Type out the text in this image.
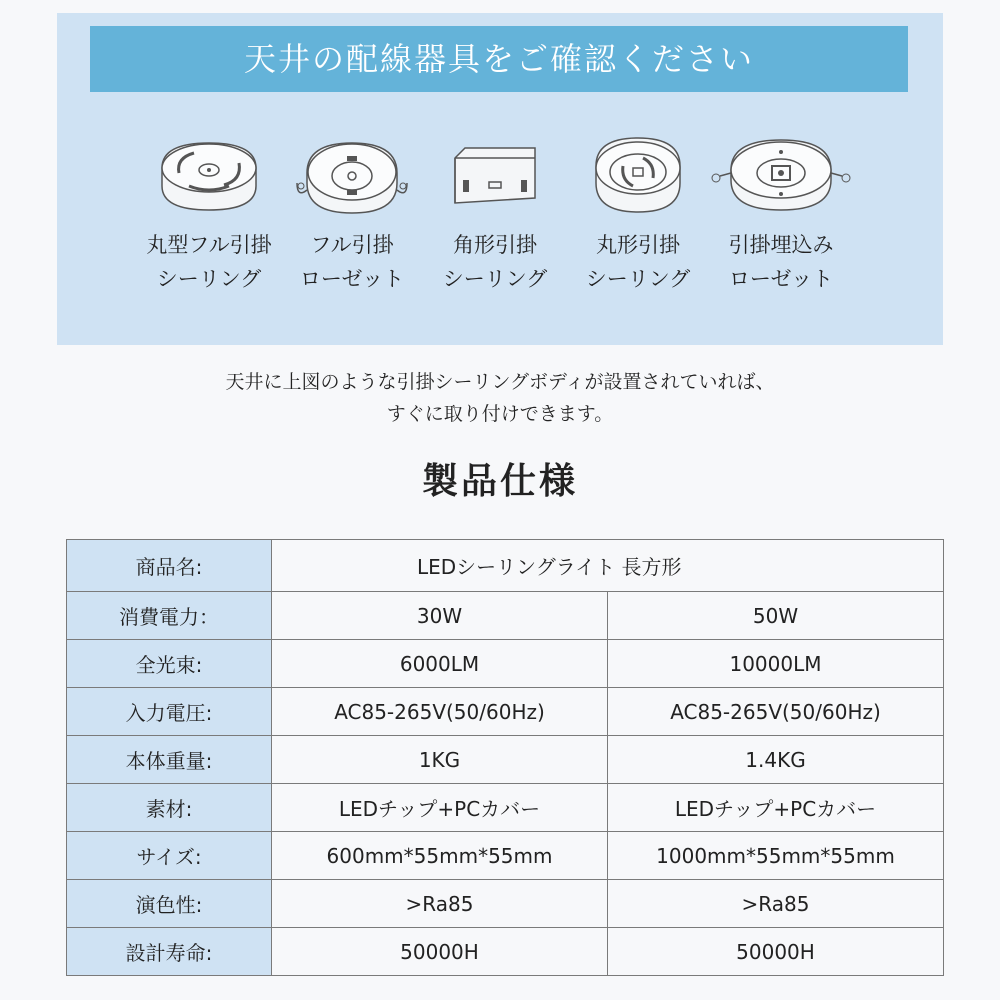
天井の配線器具をご確認ください
丸型フル引掛
シーリング
フル引掛
ローゼット
角形引掛
シーリング
丸形引掛
シーリング
引掛埋込み
ローゼット
天井に上図のような引掛シーリングボディが設置されていれば、
すぐに取り付けできます。
製品仕様
商品名:	LEDシーリングライト 長方形	
消費電力：	30W	50W
全光束:	6000LM	10000LM
入力電圧:	AC85-265V(50/60Hz)	AC85-265V(50/60Hz)
本体重量:	1KG	1.4KG
素材:	LEDチップ+PCカバー	LEDチップ+PCカバー
サイズ:	600mm*55mm*55mm	1000mm*55mm*55mm
演色性:	>Ra85	>Ra85
設計寿命:	50000H	50000H
